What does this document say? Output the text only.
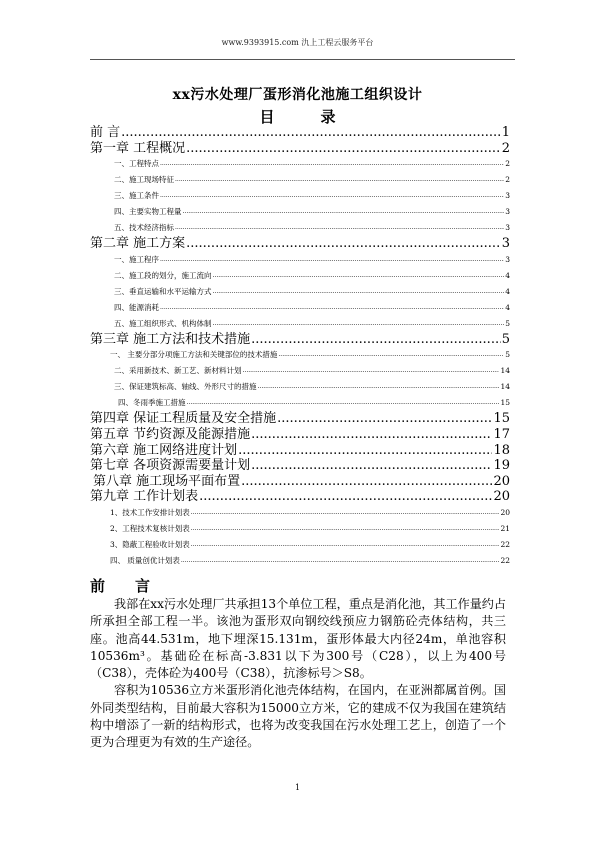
www.9393915.com 氿上工程云服务平台
xx污水处理厂蛋形消化池施工组织设计
目	录
前 言 .....	1
第一章 工程概况 .....	2
一、工程特点 .....	2
二、施工现场特征 .....	2
三、施工条件 .....	3
四、主要实物工程量 .....	3
五、技术经济指标 .....	3
第二章 施工方案 .....	3
一、施工程序 .....	3
二、施工段的划分，施工流向 .....	4
三、垂直运输和水平运输方式 .....	4
四、能源消耗 .....	4
五、施工组织形式、机构体制 .....	5
第三章 施工方法和技术措施 .....	5
一、 主要分部分项施工方法和关键部位的技术措施 .....	5
二、采用新技术、新工艺、新材料计划 .....	14
三、保证建筑标高、轴线、外形尺寸的措施 .....	14
四、冬雨季施工措施 .....	15
第四章 保证工程质量及安全措施 .....	15
第五章 节约资源及能源措施 .....	17
第六章 施工网络进度计划 .....	18
第七章 各项资源需要量计划 .....	19
第八章 施工现场平面布置 .....	20
第九章 工作计划表 .....	20
1、技术工作安排计划表 .....	20
2、工程技术复核计划表 .....	21
3、隐蔽工程验收计划表 .....	22
四、 质量创优计划表 .....	22
前 言

我部在xx污水处理厂共承担13个单位工程，重点是消化池，其工作量约占所承担全部工程一半。该池为蛋形双向钢绞线预应力钢筋砼壳体结构，共三座。池高44.531m，地下埋深15.131m，蛋形体最大内径24m，单池容积10536m³。基础砼在标高-3.831以下为300号（C28），以上为400号（C38），壳体砼为400号（C38），抗渗标号＞S8。

容积为10536立方米蛋形消化池壳体结构，在国内，在亚洲都属首例。国外同类型结构，目前最大容积为15000立方米，它的建成不仅为我国在建筑结构中增添了一新的结构形式，也将为改变我国在污水处理工艺上，创造了一个更为合理更为有效的生产途径。

1
